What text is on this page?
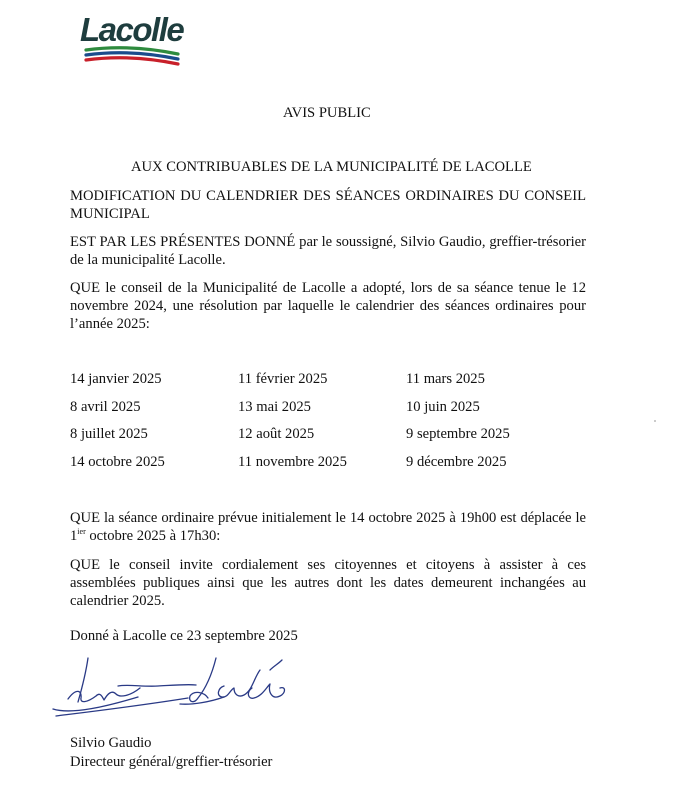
Lacolle
AVIS PUBLIC
AUX CONTRIBUABLES DE LA MUNICIPALITÉ DE LACOLLE
MODIFICATION DU CALENDRIER DES SÉANCES ORDINAIRES DU CONSEIL MUNICIPAL
EST PAR LES PRÉSENTES DONNÉ par le soussigné, Silvio Gaudio, greffier-trésorier de la municipalité Lacolle.
QUE le conseil de la Municipalité de Lacolle a adopté, lors de sa séance tenue le 12 novembre 2024, une résolution par laquelle le calendrier des séances ordinaires pour l’année 2025:
14 janvier 2025	11 février 2025	11 mars 2025
8 avril 2025	13 mai 2025	10 juin 2025
8 juillet 2025	12 août 2025	9 septembre 2025
14 octobre 2025	11 novembre 2025	9 décembre 2025
QUE la séance ordinaire prévue initialement le 14 octobre 2025 à 19h00 est déplacée le $1^{ier}$ octobre 2025 à 17h30:
QUE le conseil invite cordialement ses citoyennes et citoyens à assister à ces assemblées publiques ainsi que les autres dont les dates demeurent inchangées au calendrier 2025.
Donné à Lacolle ce 23 septembre 2025
Silvio Gaudio
Directeur général/greffier-trésorier
